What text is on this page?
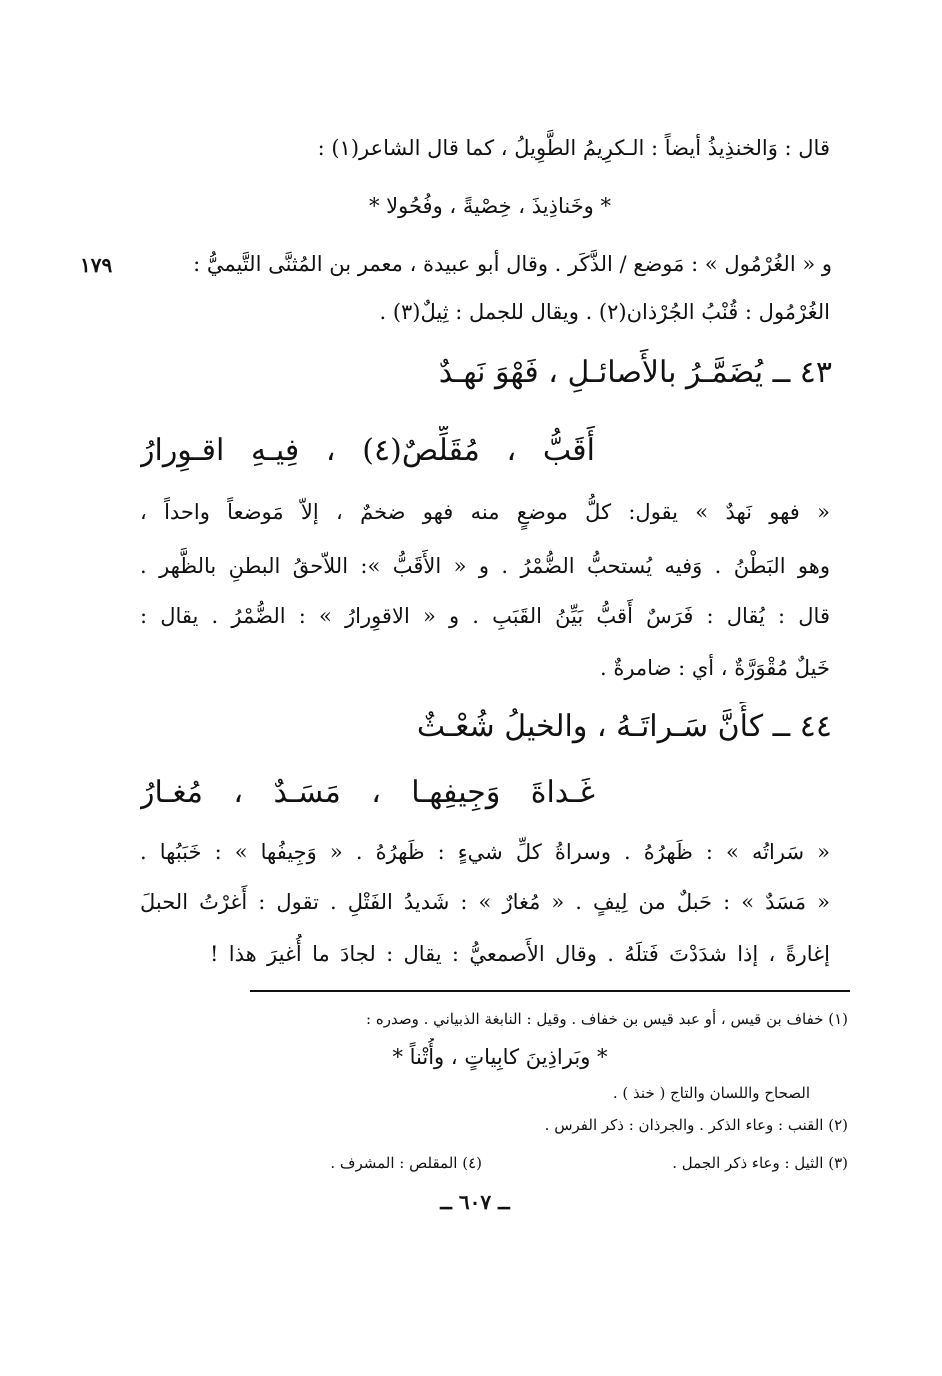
قال : وَالخنذِيذُ أيضاً : الـكرِيمُ الطَّوِيلُ ، كما قال الشاعر(١) :
* وخَناذِيذَ ، خِصْيةً ، وفُحُولا *
١٧٩	و « الغُرْمُول » : مَوضع / الذَّكَر . وقال أبو عبيدة ، معمر بن المُثنَّى التَّيميُّ :
الغُرْمُول : قُنْبُ الجُرْذان(٢) . ويقال للجمل : ثِيلٌ(٣) .
٤٣ ــ يُضَمَّـرُ بالأَصائـلِ ، فَهْوَ نَهـدٌ
أَقَبُّ ، مُقَلِّصٌ(٤) ، فِيـهِ اقـوِرارُ
« فهو نَهدٌ » يقول: كلُّ موضعٍ منه فهو ضخمٌ ، إلاّ مَوضعاً واحداً ،
وهو البَطْنُ . وَفيه يُستحبُّ الضُّمْرُ . و « الأَقَبُّ »: اللاّحقُ البطنِ بالظَّهر .
قال : يُقال : فَرَسٌ أَقبُّ بَيِّنُ القَبَبِ . و « الاقوِرارُ » : الضُّمْرُ . يقال :
خَيلٌ مُقْوَرَّةٌ ، أي : ضامرةٌ .
٤٤ ــ كأَنَّ سَـراتَـهُ ، والخيلُ شُعْـثٌ
غَـداةَ وَجِيفِهـا ، مَسَـدٌ ، مُغـارُ
« سَراتُه » : ظَهرُهُ . وسراةُ كلِّ شيءٍ : ظَهرُهُ . « وَجِيفُها » : خَبَبُها .
« مَسَدٌ » : حَبلٌ من لِيفٍ . « مُغارٌ » : شَديدُ الفَتْلِ . تقول : أَغرْتُ الحبلَ
إغارةً ، إذا شدَدْتَ فَتلَهُ . وقال الأَصمعيُّ : يقال : لجادَ ما أُغيرَ هذا !
(١) خفاف بن قيس ، أو عبد قيس بن خفاف . وقيل : النابغة الذبياني . وصدره :
* وبَراذِينَ كابِياتٍ ، وأُتْناً *
الصحاح واللسان والتاج ( خنذ ) .
(٢) القنب : وعاء الذكر . والجرذان : ذكر الفرس .
(٣) الثيل : وعاء ذكر الجمل .
(٤) المقلص : المشرف .
ــ ٦٠٧ ــ
